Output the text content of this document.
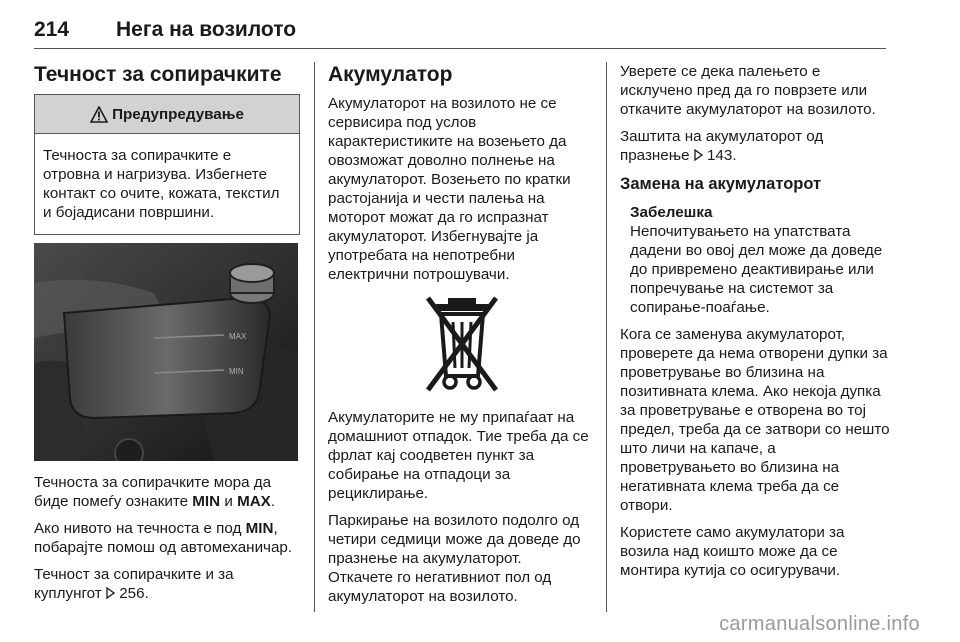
214 Нега на возилото
Течност за сопирачките
Предупредување
Течноста за сопирачките е отровна и нагризува. Избегнете контакт со очите, кожата, текстил и бојадисани површини.
MAX
MIN

Течноста за сопирачките мора да биде помеѓу ознаките MIN и MAX.

Ако нивото на течноста е под MIN, побарајте помош од автомеханичар.

Течност за сопирачките и за куплунгот  256.

Акумулатор

Акумулаторот на возилото не се сервисира под услов карактеристиките на возењето да овозможат доволно полнење на акумулаторот. Возењето по кратки растојанија и чести палења на моторот можат да го испразнат акумулаторот. Избегнувајте ја употребата на непотребни електрични потрошувачи.

Акумулаторите не му припаѓаат на домашниот отпадок. Тие треба да се фрлат кај соодветен пункт за собирање на отпадоци за рециклирање.

Паркирање на возилото подолго од четири седмици може да доведе до празнење на акумулаторот.

Откачете го негативниот пол од акумулаторот на возилото.

Уверете се дека палењето е исклучено пред да го поврзете или откачите акумулаторот на возилото.

Заштита на акумулаторот од празнење  143.

Замена на акумулаторот
Забелешка

Непочитувањето на упатствата дадени во овој дел може да доведе до привремено деактивирање или попречување на системот за сопирање-поаѓање.

Кога се заменува акумулаторот, проверете да нема отворени дупки за проветрување во близина на позитивната клема. Ако некоја дупка за проветрување е отворена во тој предел, треба да се затвори со нешто што личи на капаче, а проветрувањето во близина на негативната клема треба да се отвори.

Користете само акумулатори за возила над коишто може да се монтира кутија со осигурувачи.

carmanualsonline.info
